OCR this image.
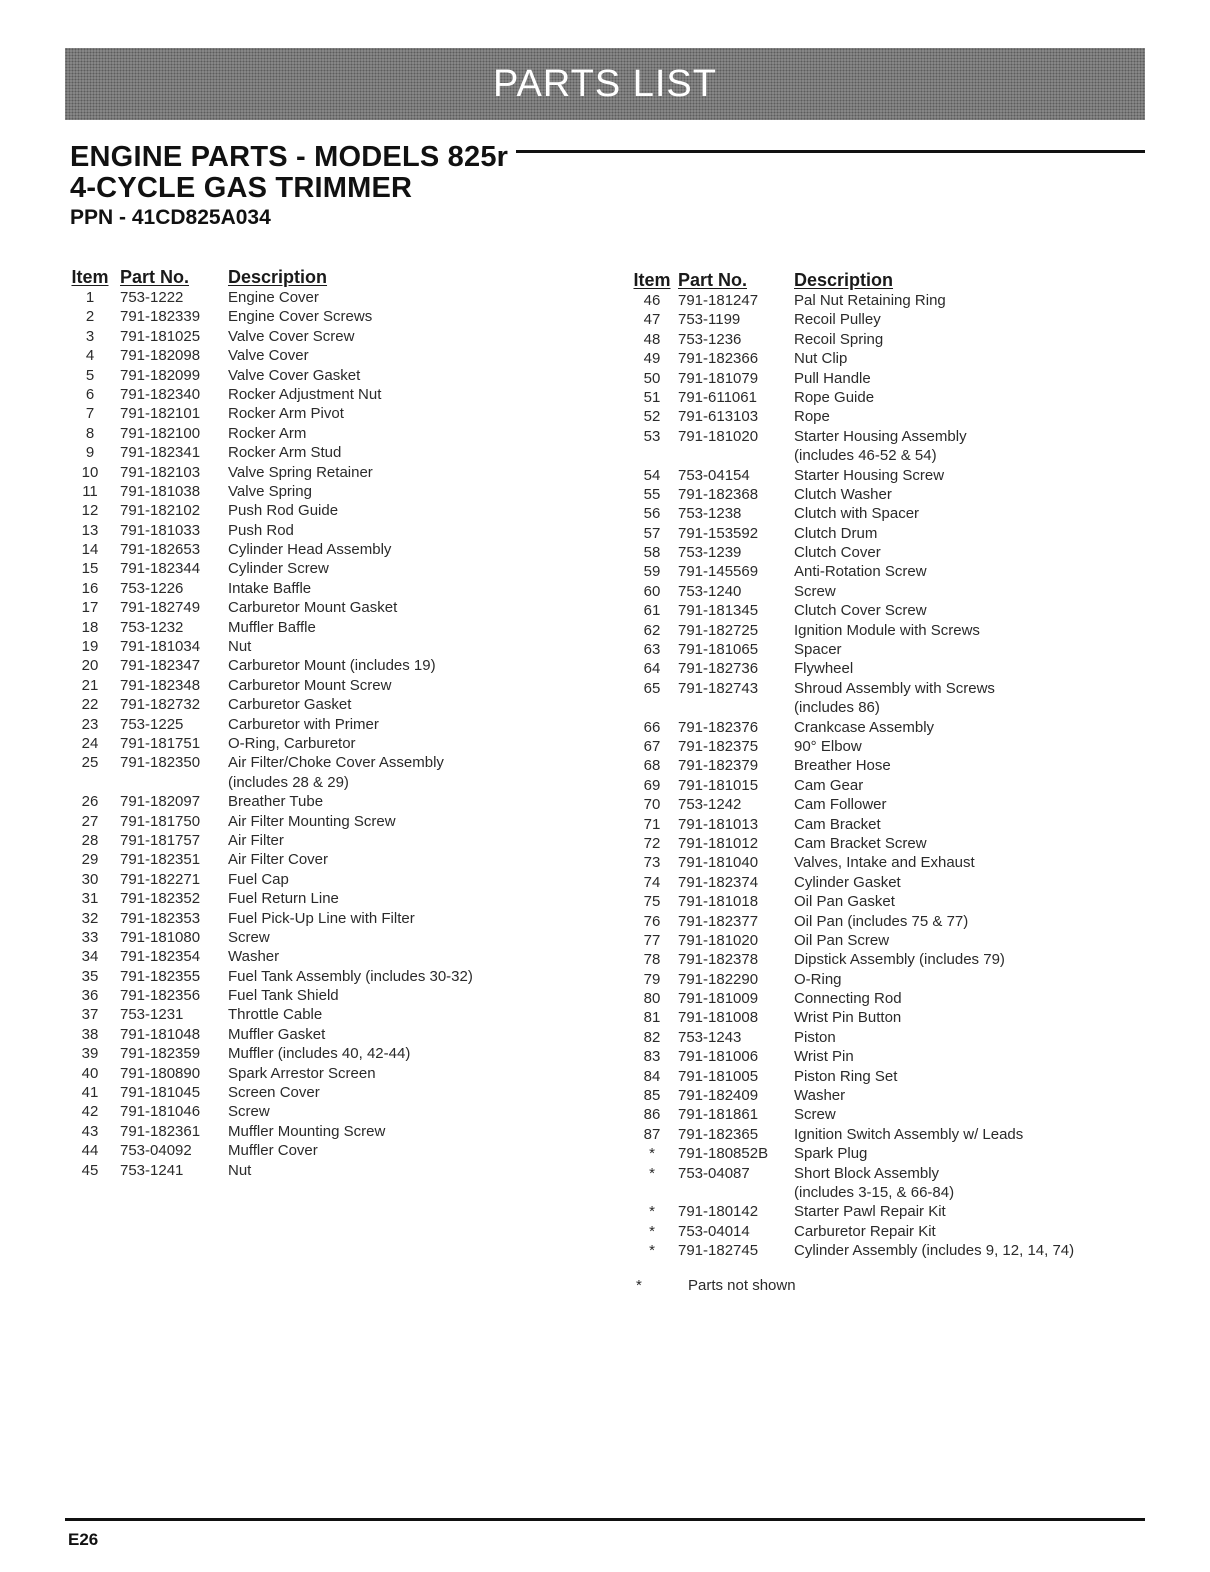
PARTS LIST
ENGINE PARTS - MODELS 825r
4-CYCLE GAS TRIMMER
PPN - 41CD825A034
Item Part No.	Description
1	753-1222	Engine Cover
2	791-182339	Engine Cover Screws
3	791-181025	Valve Cover Screw
4	791-182098	Valve Cover
5	791-182099	Valve Cover Gasket
6	791-182340	Rocker Adjustment Nut
7	791-182101	Rocker Arm Pivot
8	791-182100	Rocker Arm
9	791-182341	Rocker Arm Stud
10	791-182103	Valve Spring Retainer
11	791-181038	Valve Spring
12	791-182102	Push Rod Guide
13	791-181033	Push Rod
14	791-182653	Cylinder Head Assembly
15	791-182344	Cylinder Screw
16	753-1226	Intake Baffle
17	791-182749	Carburetor Mount Gasket
18	753-1232	Muffler Baffle
19	791-181034	Nut
20	791-182347	Carburetor Mount (includes 19)
21	791-182348	Carburetor Mount Screw
22	791-182732	Carburetor Gasket
23	753-1225	Carburetor with Primer
24	791-181751	O-Ring, Carburetor
25	791-182350	Air Filter/Choke Cover Assembly
(includes 28 & 29)
26	791-182097	Breather Tube
27	791-181750	Air Filter Mounting Screw
28	791-181757	Air Filter
29	791-182351	Air Filter Cover
30	791-182271	Fuel Cap
31	791-182352	Fuel Return Line
32	791-182353	Fuel Pick-Up Line with Filter
33	791-181080	Screw
34	791-182354	Washer
35	791-182355	Fuel Tank Assembly (includes 30-32)
36	791-182356	Fuel Tank Shield
37	753-1231	Throttle Cable
38	791-181048	Muffler Gasket
39	791-182359	Muffler (includes 40, 42-44)
40	791-180890	Spark Arrestor Screen
41	791-181045	Screen Cover
42	791-181046	Screw
43	791-182361	Muffler Mounting Screw
44	753-04092	Muffler Cover
45	753-1241	Nut
Item Part No.	Description
46	791-181247	Pal Nut Retaining Ring
47	753-1199	Recoil Pulley
48	753-1236	Recoil Spring
49	791-182366	Nut Clip
50	791-181079	Pull Handle
51	791-611061	Rope Guide
52	791-613103	Rope
53	791-181020	Starter Housing Assembly
(includes 46-52 & 54)
54	753-04154	Starter Housing Screw
55	791-182368	Clutch Washer
56	753-1238	Clutch with Spacer
57	791-153592	Clutch Drum
58	753-1239	Clutch Cover
59	791-145569	Anti-Rotation Screw
60	753-1240	Screw
61	791-181345	Clutch Cover Screw
62	791-182725	Ignition Module with Screws
63	791-181065	Spacer
64	791-182736	Flywheel
65	791-182743	Shroud Assembly with Screws
(includes 86)
66	791-182376	Crankcase Assembly
67	791-182375	90° Elbow
68	791-182379	Breather Hose
69	791-181015	Cam Gear
70	753-1242	Cam Follower
71	791-181013	Cam Bracket
72	791-181012	Cam Bracket Screw
73	791-181040	Valves, Intake and Exhaust
74	791-182374	Cylinder Gasket
75	791-181018	Oil Pan Gasket
76	791-182377	Oil Pan (includes 75 & 77)
77	791-181020	Oil Pan Screw
78	791-182378	Dipstick Assembly (includes 79)
79	791-182290	O-Ring
80	791-181009	Connecting Rod
81	791-181008	Wrist Pin Button
82	753-1243	Piston
83	791-181006	Wrist Pin
84	791-181005	Piston Ring Set
85	791-182409	Washer
86	791-181861	Screw
87	791-182365	Ignition Switch Assembly w/ Leads
*	791-180852B	Spark Plug
*	753-04087	Short Block Assembly
(includes 3-15, & 66-84)
*	791-180142	Starter Pawl Repair Kit
*	753-04014	Carburetor Repair Kit
*	791-182745	Cylinder Assembly (includes 9, 12, 14, 74)
*	Parts not shown
E26
